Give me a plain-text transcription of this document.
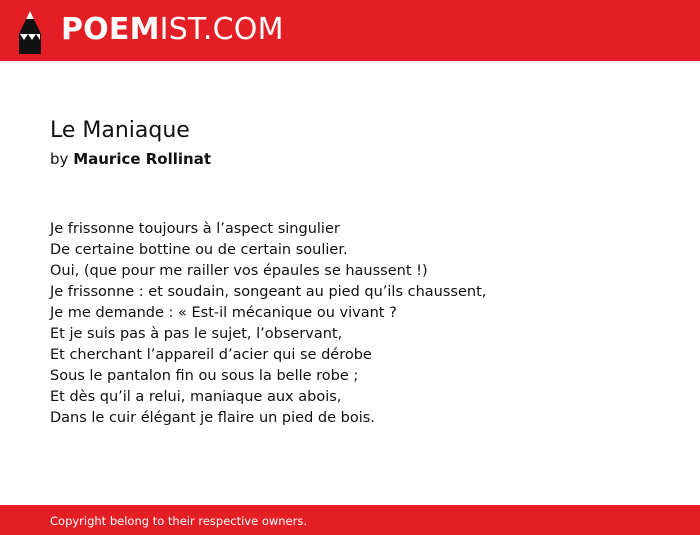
POEMIST.COM
Le Maniaque
by Maurice Rollinat
Je frissonne toujours à l’aspect singulier
De certaine bottine ou de certain soulier.
Oui, (que pour me railler vos épaules se haussent !)
Je frissonne : et soudain, songeant au pied qu’ils chaussent,
Je me demande : « Est-il mécanique ou vivant ?
Et je suis pas à pas le sujet, l’observant,
Et cherchant l’appareil d’acier qui se dérobe
Sous le pantalon fin ou sous la belle robe ;
Et dès qu’il a relui, maniaque aux abois,
Dans le cuir élégant je flaire un pied de bois.
Copyright belong to their respective owners.
